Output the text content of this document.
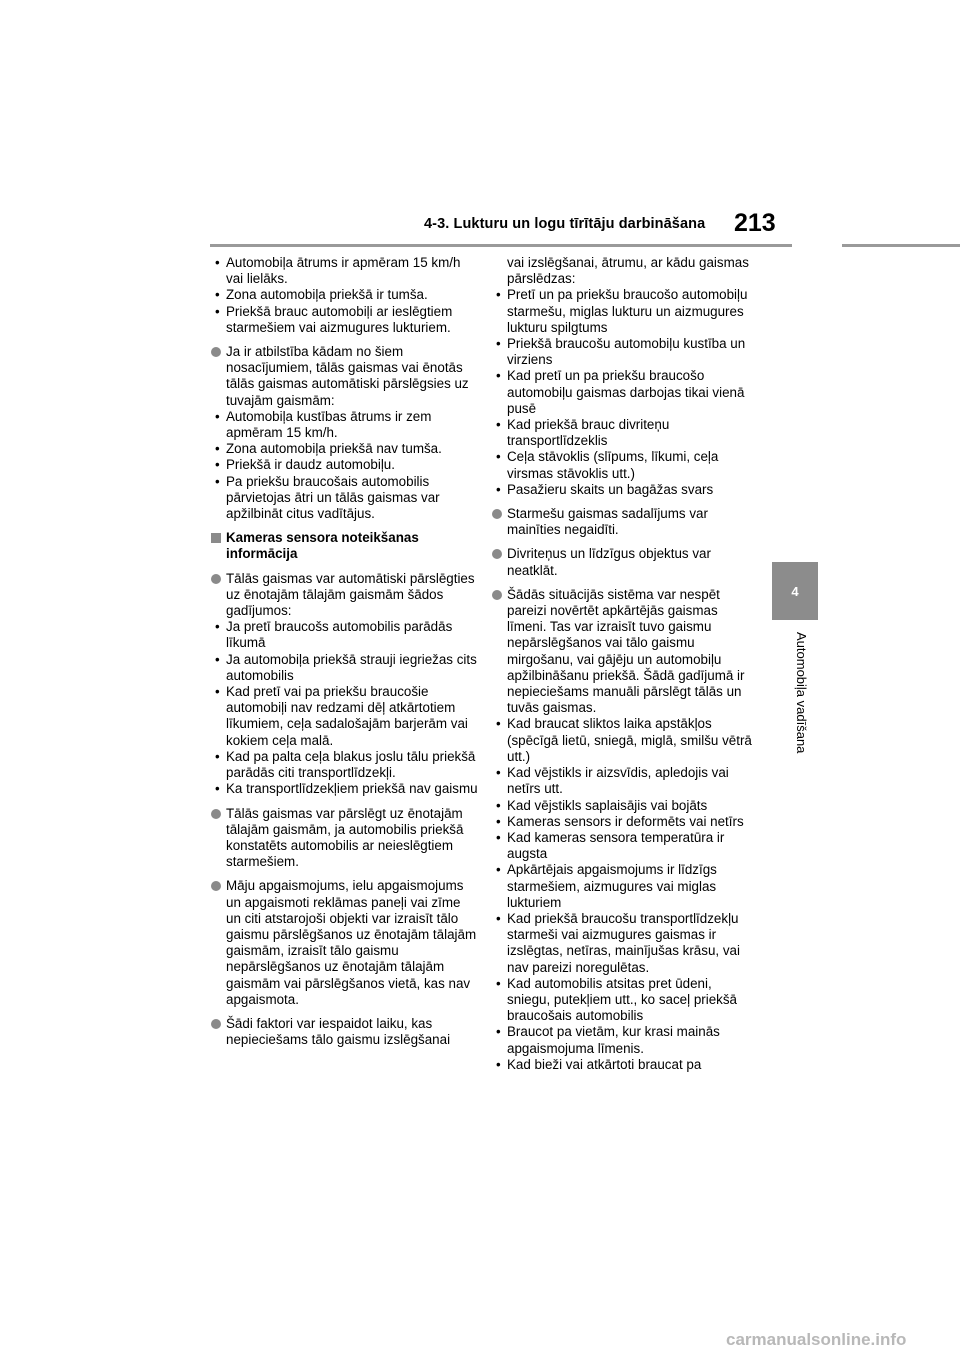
4-3. Lukturu un logu tīrītāju darbināšana 213
4
Automobiļa vadīšana
• Automobiļa ātrums ir apmēram 15 km/h vai lielāks.
• Zona automobiļa priekšā ir tumša.
• Priekšā brauc automobiļi ar ieslēgtiem starmešiem vai aizmugures lukturiem.
Ja ir atbilstība kādam no šiem nosacījumiem, tālās gaismas vai ēnotās tālās gaismas automātiski pārslēgsies uz tuvajām gaismām:
• Automobiļa kustības ātrums ir zem apmēram 15 km/h.
• Zona automobiļa priekšā nav tumša.
• Priekšā ir daudz automobiļu.
• Pa priekšu braucošais automobilis pārvietojas ātri un tālās gaismas var apžilbināt citus vadītājus.
Kameras sensora noteikšanas informācija
Tālās gaismas var automātiski pārslēgties uz ēnotajām tālajām gaismām šādos gadījumos:
• Ja pretī braucošs automobilis parādās līkumā
• Ja automobiļa priekšā strauji iegriežas cits automobilis
• Kad pretī vai pa priekšu braucošie automobiļi nav redzami dēļ atkārtotiem līkumiem, ceļa sadalošajām barjerām vai kokiem ceļa malā.
• Kad pa palta ceļa blakus joslu tālu priekšā parādās citi transportlīdzekļi.
• Ka transportlīdzekļiem priekšā nav gaismu
Tālās gaismas var pārslēgt uz ēnotajām tālajām gaismām, ja automobilis priekšā konstatēts automobilis ar neieslēgtiem starmešiem.
Māju apgaismojums, ielu apgaismojums un apgaismoti reklāmas paneļi vai zīme un citi atstarojoši objekti var izraisīt tālo gaismu pārslēgšanos uz ēnotajām tālajām gaismām, izraisīt tālo gaismu nepārslēgšanos uz ēnotajām tālajām gaismām vai pārslēgšanos vietā, kas nav apgaismota.
Šādi faktori var iespaidot laiku, kas nepieciešams tālo gaismu izslēgšanai
vai izslēgšanai, ātrumu, ar kādu gaismas pārslēdzas:
• Pretī un pa priekšu braucošo automobiļu starmešu, miglas lukturu un aizmugures lukturu spilgtums
• Priekšā braucošu automobiļu kustība un virziens
• Kad pretī un pa priekšu braucošo automobiļu gaismas darbojas tikai vienā pusē
• Kad priekšā brauc divriteņu transportlīdzeklis
• Ceļa stāvoklis (slīpums, līkumi, ceļa virsmas stāvoklis utt.)
• Pasažieru skaits un bagāžas svars
Starmešu gaismas sadalījums var mainīties negaidīti.
Divriteņus un līdzīgus objektus var neatklāt.
Šādās situācijās sistēma var nespēt pareizi novērtēt apkārtējās gaismas līmeni. Tas var izraisīt tuvo gaismu nepārslēgšanos vai tālo gaismu mirgošanu, vai gājēju un automobiļu apžilbināšanu priekšā. Šādā gadījumā ir nepieciešams manuāli pārslēgt tālās un tuvās gaismas.
• Kad braucat sliktos laika apstākļos (spēcīgā lietū, sniegā, miglā, smilšu vētrā utt.)
• Kad vējstikls ir aizsvīdis, apledojis vai netīrs utt.
• Kad vējstikls saplaisājis vai bojāts
• Kameras sensors ir deformēts vai netīrs
• Kad kameras sensora temperatūra ir augsta
• Apkārtējais apgaismojums ir līdzīgs starmešiem, aizmugures vai miglas lukturiem
• Kad priekšā braucošu transportlīdzekļu starmeši vai aizmugures gaismas ir izslēgtas, netīras, mainījušas krāsu, vai nav pareizi noregulētas.
• Kad automobilis atsitas pret ūdeni, sniegu, putekļiem utt., ko saceļ priekšā braucošais automobilis
• Braucot pa vietām, kur krasi mainās apgaismojuma līmenis.
• Kad bieži vai atkārtoti braucat pa
carmanualsonline.info
